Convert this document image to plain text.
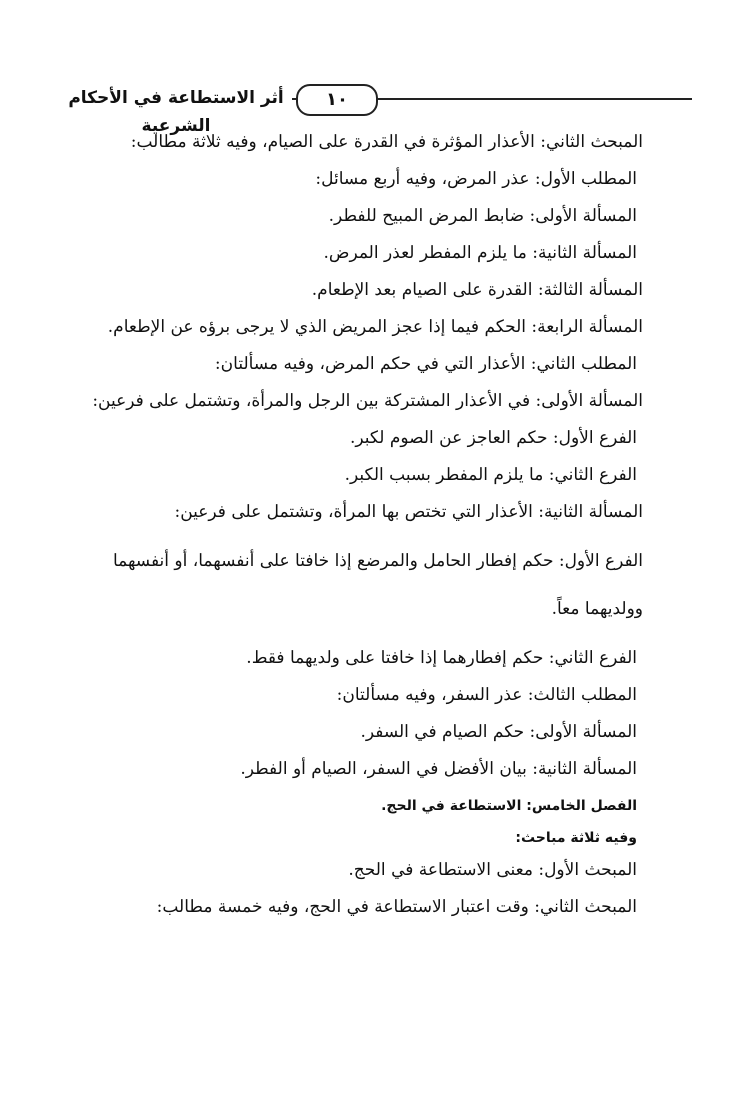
أثر الاستطاعة في الأحكام الشرعية
١٠
المبحث الثاني: الأعذار المؤثرة في القدرة على الصيام، وفيه ثلاثة مطالب:
المطلب الأول: عذر المرض، وفيه أربع مسائل:
المسألة الأولى: ضابط المرض المبيح للفطر.
المسألة الثانية: ما يلزم المفطر لعذر المرض.
المسألة الثالثة: القدرة على الصيام بعد الإطعام.
المسألة الرابعة: الحكم فيما إذا عجز المريض الذي لا يرجى برؤه عن الإطعام.
المطلب الثاني: الأعذار التي في حكم المرض، وفيه مسألتان:
المسألة الأولى: في الأعذار المشتركة بين الرجل والمرأة، وتشتمل على فرعين:
الفرع الأول: حكم العاجز عن الصوم لكبر.
الفرع الثاني: ما يلزم المفطر بسبب الكبر.
المسألة الثانية: الأعذار التي تختص بها المرأة، وتشتمل على فرعين:
الفرع الأول: حكم إفطار الحامل والمرضع إذا خافتا على أنفسهما، أو أنفسهما وولديهما معاً.
الفرع الثاني: حكم إفطارهما إذا خافتا على ولديهما فقط.
المطلب الثالث: عذر السفر، وفيه مسألتان:
المسألة الأولى: حكم الصيام في السفر.
المسألة الثانية: بيان الأفضل في السفر، الصيام أو الفطر.
الفصل الخامس: الاستطاعة في الحج.
وفيه ثلاثة مباحث:
المبحث الأول: معنى الاستطاعة في الحج.
المبحث الثاني: وقت اعتبار الاستطاعة في الحج، وفيه خمسة مطالب:
